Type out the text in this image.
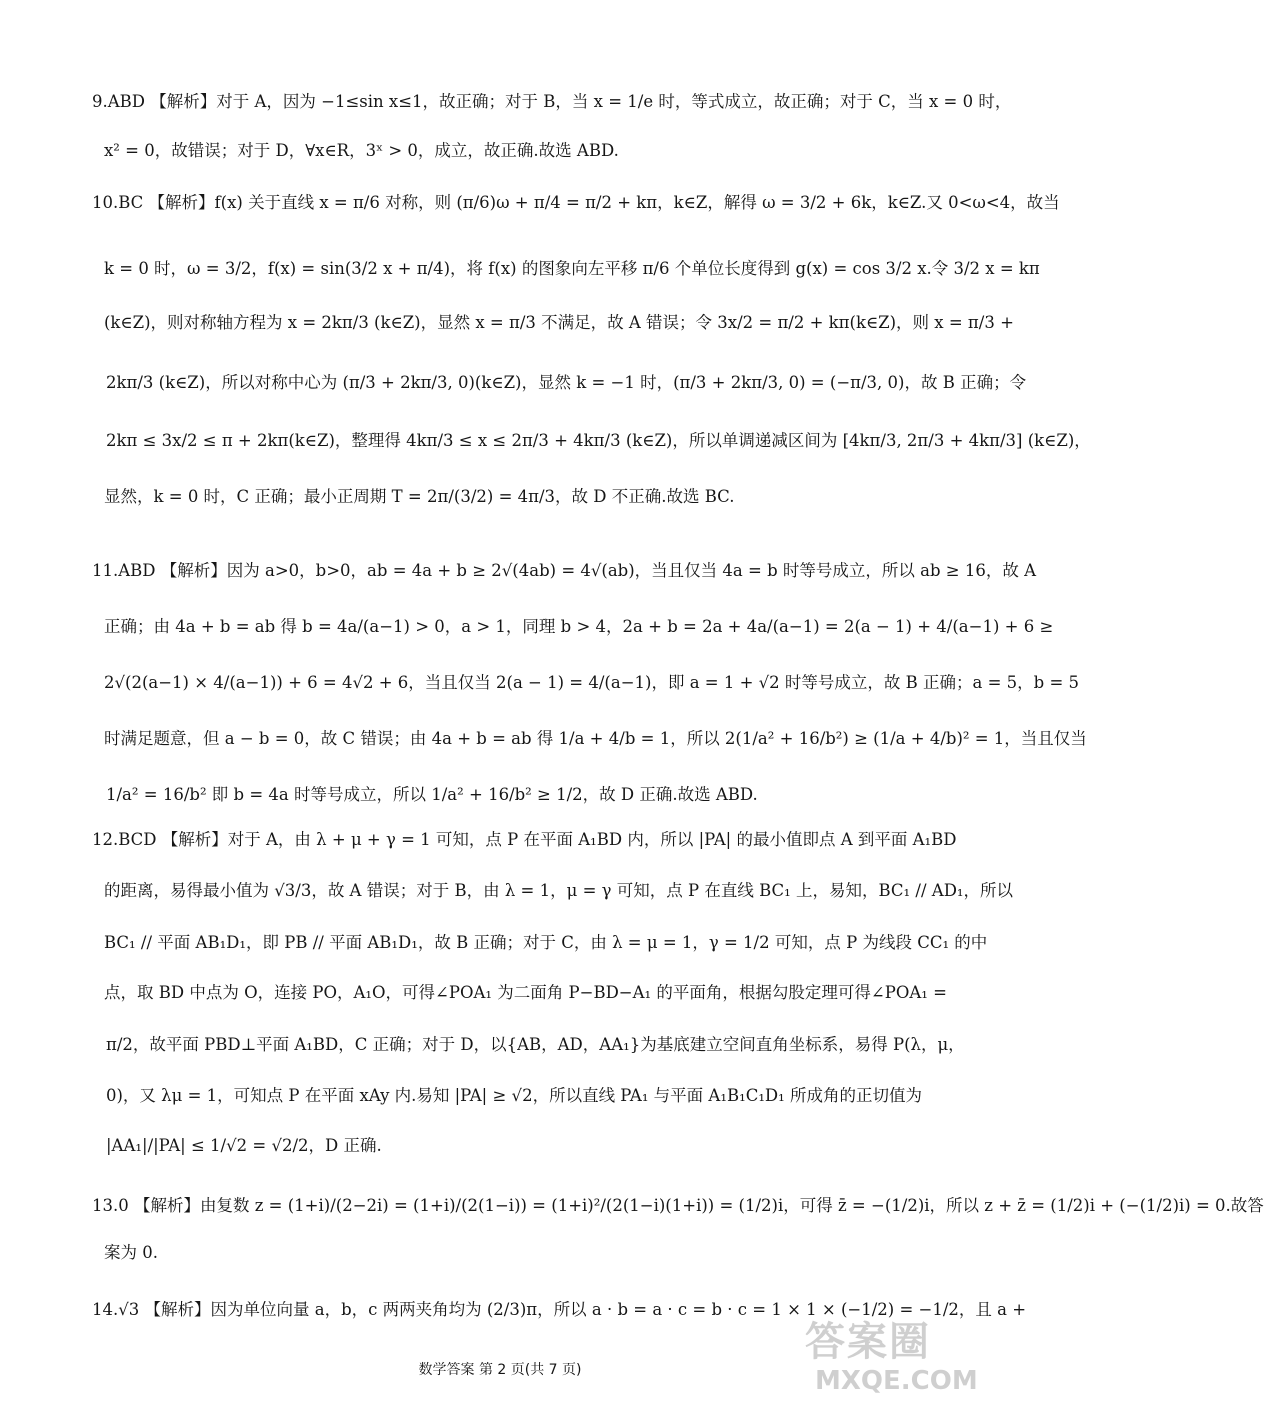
9.ABD 【解析】对于 A，因为 −1≤sin x≤1，故正确；对于 B，当 x = 1/e 时，等式成立，故正确；对于 C，当 x = 0 时，
x² = 0，故错误；对于 D，∀x∈R，3ˣ > 0，成立，故正确.故选 ABD.
10.BC 【解析】f(x) 关于直线 x = π/6 对称，则 (π/6)ω + π/4 = π/2 + kπ，k∈Z，解得 ω = 3/2 + 6k，k∈Z.又 0<ω<4，故当
k = 0 时，ω = 3/2，f(x) = sin(3/2 x + π/4)，将 f(x) 的图象向左平移 π/6 个单位长度得到 g(x) = cos 3/2 x.令 3/2 x = kπ
(k∈Z)，则对称轴方程为 x = 2kπ/3 (k∈Z)，显然 x = π/3 不满足，故 A 错误；令 3x/2 = π/2 + kπ(k∈Z)，则 x = π/3 +
2kπ/3 (k∈Z)，所以对称中心为 (π/3 + 2kπ/3, 0)(k∈Z)，显然 k = −1 时，(π/3 + 2kπ/3, 0) = (−π/3, 0)，故 B 正确；令
2kπ ≤ 3x/2 ≤ π + 2kπ(k∈Z)，整理得 4kπ/3 ≤ x ≤ 2π/3 + 4kπ/3 (k∈Z)，所以单调递减区间为 [4kπ/3, 2π/3 + 4kπ/3] (k∈Z)，
显然，k = 0 时，C 正确；最小正周期 T = 2π/(3/2) = 4π/3，故 D 不正确.故选 BC.
11.ABD 【解析】因为 a>0，b>0，ab = 4a + b ≥ 2√(4ab) = 4√(ab)，当且仅当 4a = b 时等号成立，所以 ab ≥ 16，故 A
正确；由 4a + b = ab 得 b = 4a/(a−1) > 0，a > 1，同理 b > 4，2a + b = 2a + 4a/(a−1) = 2(a − 1) + 4/(a−1) + 6 ≥
2√(2(a−1) × 4/(a−1)) + 6 = 4√2 + 6，当且仅当 2(a − 1) = 4/(a−1)，即 a = 1 + √2 时等号成立，故 B 正确；a = 5，b = 5
时满足题意，但 a − b = 0，故 C 错误；由 4a + b = ab 得 1/a + 4/b = 1，所以 2(1/a² + 16/b²) ≥ (1/a + 4/b)² = 1，当且仅当
1/a² = 16/b² 即 b = 4a 时等号成立，所以 1/a² + 16/b² ≥ 1/2，故 D 正确.故选 ABD.
12.BCD 【解析】对于 A，由 λ + μ + γ = 1 可知，点 P 在平面 A₁BD 内，所以 |PA| 的最小值即点 A 到平面 A₁BD
的距离，易得最小值为 √3/3，故 A 错误；对于 B，由 λ = 1，μ = γ 可知，点 P 在直线 BC₁ 上，易知，BC₁ // AD₁，所以
BC₁ // 平面 AB₁D₁，即 PB // 平面 AB₁D₁，故 B 正确；对于 C，由 λ = μ = 1，γ = 1/2 可知，点 P 为线段 CC₁ 的中
点，取 BD 中点为 O，连接 PO，A₁O，可得∠POA₁ 为二面角 P−BD−A₁ 的平面角，根据勾股定理可得∠POA₁ =
π/2，故平面 PBD⊥平面 A₁BD，C 正确；对于 D，以{AB，AD，AA₁}为基底建立空间直角坐标系，易得 P(λ，μ，
0)，又 λμ = 1，可知点 P 在平面 xAy 内.易知 |PA| ≥ √2，所以直线 PA₁ 与平面 A₁B₁C₁D₁ 所成角的正切值为
|AA₁|/|PA| ≤ 1/√2 = √2/2，D 正确.
13.0 【解析】由复数 z = (1+i)/(2−2i) = (1+i)/(2(1−i)) = (1+i)²/(2(1−i)(1+i)) = (1/2)i，可得 z̄ = −(1/2)i，所以 z + z̄ = (1/2)i + (−(1/2)i) = 0.故答
案为 0.
14.√3 【解析】因为单位向量 a，b，c 两两夹角均为 (2/3)π，所以 a · b = a · c = b · c = 1 × 1 × (−1/2) = −1/2，且 a +
数学答案 第 2 页(共 7 页)
答案圈
MXQE.COM
